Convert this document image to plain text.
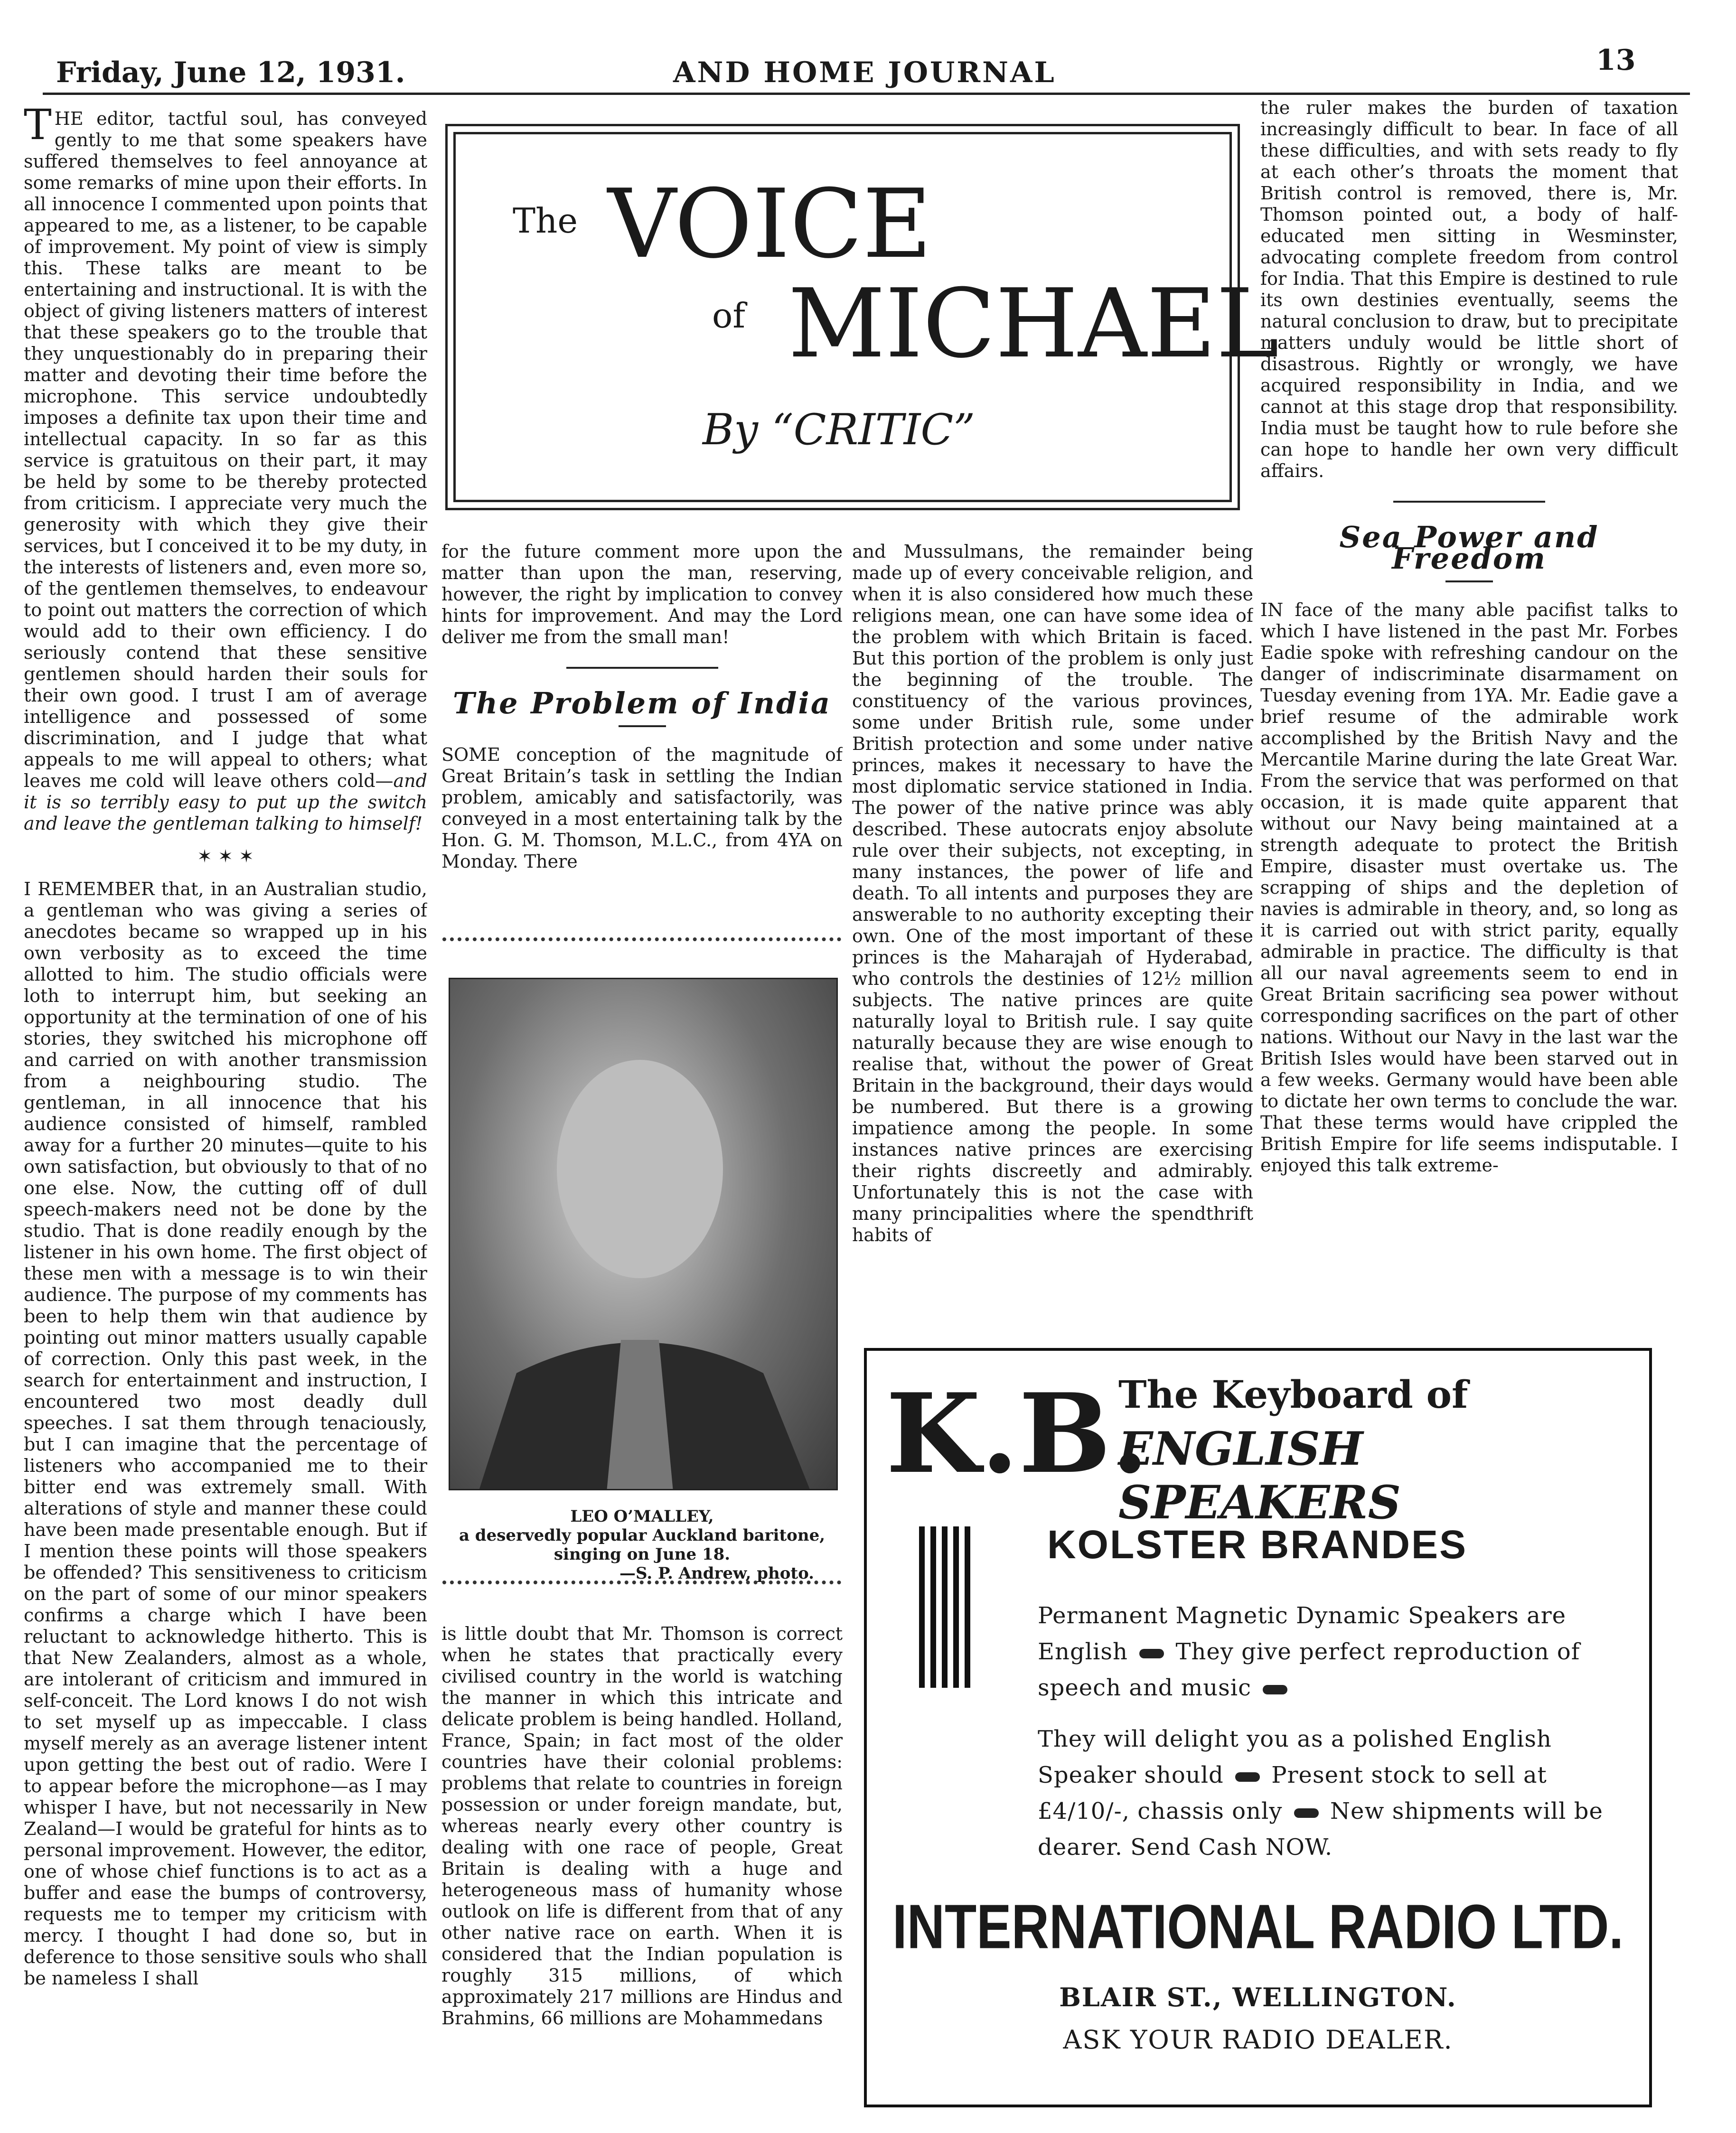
Friday, June 12, 1931.	AND HOME JOURNAL	13

THE editor, tactful soul, has conveyed gently to me that some speakers have suffered themselves to feel annoyance at some remarks of mine upon their efforts. In all innocence I commented upon points that appeared to me, as a listener, to be capable of improvement. My point of view is simply this. These talks are meant to be entertaining and instructional. It is with the object of giving listeners matters of interest that these speakers go to the trouble that they unquestionably do in preparing their matter and devoting their time before the microphone. This service undoubtedly imposes a definite tax upon their time and intellectual capacity. In so far as this service is gratuitous on their part, it may be held by some to be thereby protected from criticism. I appreciate very much the generosity with which they give their services, but I conceived it to be my duty, in the interests of listeners and, even more so, of the gentlemen themselves, to endeavour to point out matters the correction of which would add to their own efficiency. I do seriously contend that these sensitive gentlemen should harden their souls for their own good. I trust I am of average intelligence and possessed of some discrimination, and I judge that what appeals to me will appeal to others; what leaves me cold will leave others cold—and it is so terribly easy to put up the switch and leave the gentleman talking to himself!

✶ ✶ ✶

I REMEMBER that, in an Australian studio, a gentleman who was giving a series of anecdotes became so wrapped up in his own verbosity as to exceed the time allotted to him. The studio officials were loth to interrupt him, but seeking an opportunity at the termination of one of his stories, they switched his microphone off and carried on with another transmission from a neighbouring studio. The gentleman, in all innocence that his audience consisted of himself, rambled away for a further 20 minutes—quite to his own satisfaction, but obviously to that of no one else. Now, the cutting off of dull speech-makers need not be done by the studio. That is done readily enough by the listener in his own home. The first object of these men with a message is to win their audience. The purpose of my comments has been to help them win that audience by pointing out minor matters usually capable of correction. Only this past week, in the search for entertainment and instruction, I encountered two most deadly dull speeches. I sat them through tenaciously, but I can imagine that the percentage of listeners who accompanied me to their bitter end was extremely small. With alterations of style and manner these could have been made presentable enough. But if I mention these points will those speakers be offended? This sensitiveness to criticism on the part of some of our minor speakers confirms a charge which I have been reluctant to acknowledge hitherto. This is that New Zealanders, almost as a whole, are intolerant of criticism and immured in self-conceit. The Lord knows I do not wish to set myself up as impeccable. I class myself merely as an average listener intent upon getting the best out of radio. Were I to appear before the microphone—as I may whisper I have, but not necessarily in New Zealand—I would be grateful for hints as to personal improvement. However, the editor, one of whose chief functions is to act as a buffer and ease the bumps of controversy, requests me to temper my criticism with mercy. I thought I had done so, but in deference to those sensitive souls who shall be nameless I shall

The VOICE
of MICHAEL
By “CRITIC”

for the future comment more upon the matter than upon the man, reserving, however, the right by implication to convey hints for improvement. And may the Lord deliver me from the small man!

The Problem of India

SOME conception of the magnitude of Great Britain’s task in settling the Indian problem, amicably and satisfactorily, was conveyed in a most entertaining talk by the Hon. G. M. Thomson, M.L.C., from 4YA on Monday. There

LEO O’MALLEY,
a deservedly popular Auckland baritone, singing on June 18.
—S. P. Andrew, photo.

is little doubt that Mr. Thomson is correct when he states that practically every civilised country in the world is watching the manner in which this intricate and delicate problem is being handled. Holland, France, Spain; in fact most of the older countries have their colonial problems: problems that relate to countries in foreign possession or under foreign mandate, but, whereas nearly every other country is dealing with one race of people, Great Britain is dealing with a huge and heterogeneous mass of humanity whose outlook on life is different from that of any other native race on earth. When it is considered that the Indian population is roughly 315 millions, of which approximately 217 millions are Hindus and Brahmins, 66 millions are Mohammedans

and Mussulmans, the remainder being made up of every conceivable religion, and when it is also considered how much these religions mean, one can have some idea of the problem with which Britain is faced. But this portion of the problem is only just the beginning of the trouble. The constituency of the various provinces, some under British rule, some under British protection and some under native princes, makes it necessary to have the most diplomatic service stationed in India. The power of the native prince was ably described. These autocrats enjoy absolute rule over their subjects, not excepting, in many instances, the power of life and death. To all intents and purposes they are answerable to no authority excepting their own. One of the most important of these princes is the Maharajah of Hyderabad, who controls the destinies of 12½ million subjects. The native princes are quite naturally loyal to British rule. I say quite naturally because they are wise enough to realise that, without the power of Great Britain in the background, their days would be numbered. But there is a growing impatience among the people. In some instances native princes are exercising their rights discreetly and admirably. Unfortunately this is not the case with many principalities where the spendthrift habits of

the ruler makes the burden of taxation increasingly difficult to bear. In face of all these difficulties, and with sets ready to fly at each other’s throats the moment that British control is removed, there is, Mr. Thomson pointed out, a body of half-educated men sitting in Wesminster, advocating complete freedom from control for India. That this Empire is destined to rule its own destinies eventually, seems the natural conclusion to draw, but to precipitate matters unduly would be little short of disastrous. Rightly or wrongly, we have acquired responsibility in India, and we cannot at this stage drop that responsibility. India must be taught how to rule before she can hope to handle her own very difficult affairs.

Sea Power and Freedom

IN face of the many able pacifist talks to which I have listened in the past Mr. Forbes Eadie spoke with refreshing candour on the danger of indiscriminate disarmament on Tuesday evening from 1YA. Mr. Eadie gave a brief resume of the admirable work accomplished by the British Navy and the Mercantile Marine during the late Great War. From the service that was performed on that occasion, it is made quite apparent that without our Navy being maintained at a strength adequate to protect the British Empire, disaster must overtake us. The scrapping of ships and the depletion of navies is admirable in theory, and, so long as it is carried out with strict parity, equally admirable in practice. The difficulty is that all our naval agreements seem to end in Great Britain sacrificing sea power without corresponding sacrifices on the part of other nations. Without our Navy in the last war the British Isles would have been starved out in a few weeks. Germany would have been able to dictate her own terms to conclude the war. That these terms would have crippled the British Empire for life seems indisputable. I enjoyed this talk extreme-

K.B.
The Keyboard of
ENGLISH SPEAKERS
KOLSTER BRANDES
Permanent Magnetic Dynamic Speakers are English They give perfect reproduction of speech and music
They will delight you as a polished English Speaker should Present stock to sell at £4/10/-, chassis only New shipments will be dearer. Send Cash NOW.
INTERNATIONAL RADIO LTD.
BLAIR ST., WELLINGTON.
ASK YOUR RADIO DEALER.
